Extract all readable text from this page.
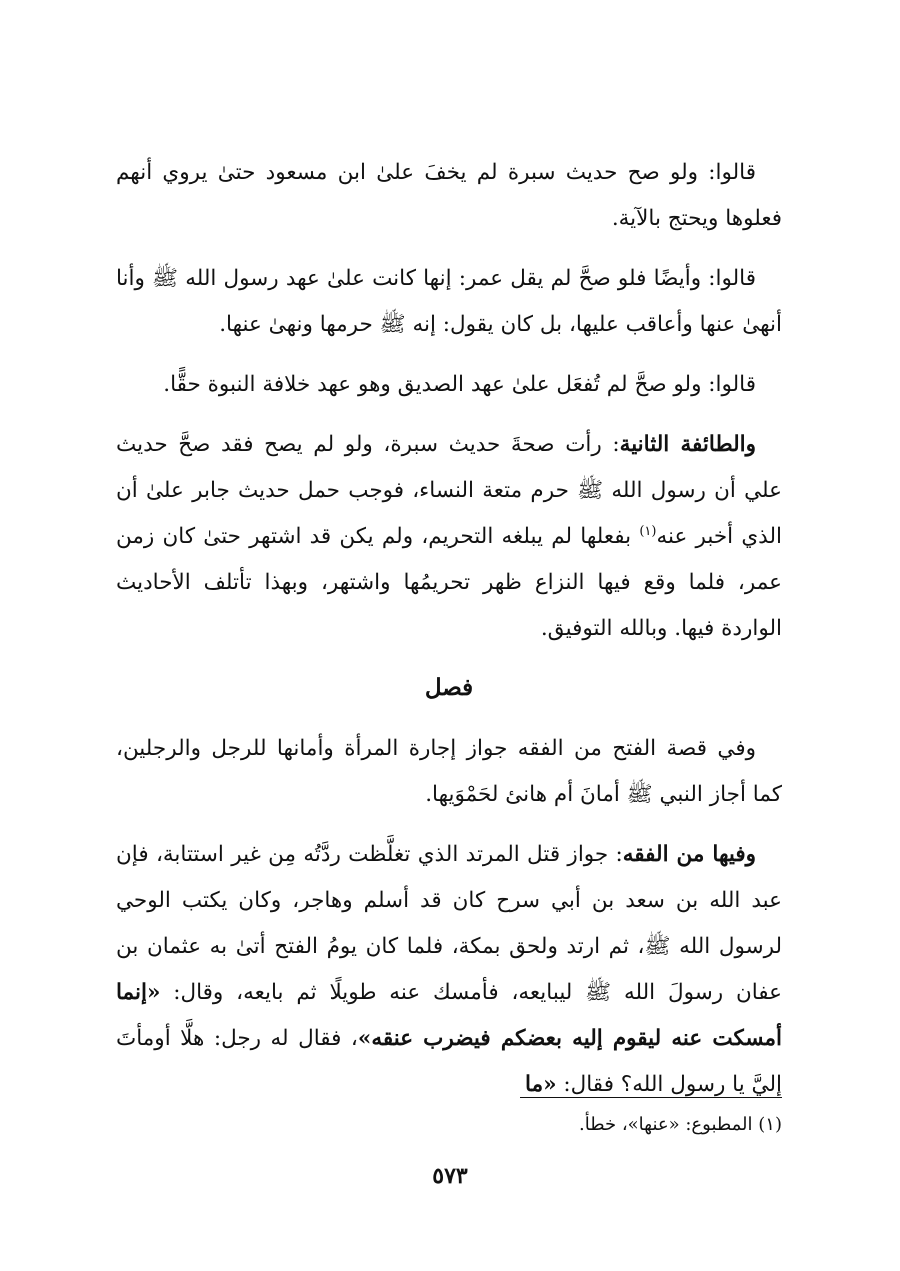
قالوا: ولو صح حديث سبرة لم يخفَ علىٰ ابن مسعود حتىٰ يروي أنهم فعلوها ويحتج بالآية.

قالوا: وأيضًا فلو صحَّ لم يقل عمر: إنها كانت علىٰ عهد رسول الله ﷺ وأنا أنهىٰ عنها وأعاقب عليها، بل كان يقول: إنه ﷺ حرمها ونهىٰ عنها.

قالوا: ولو صحَّ لم تُفعَل علىٰ عهد الصديق وهو عهد خلافة النبوة حقًّا.

والطائفة الثانية: رأت صحةَ حديث سبرة، ولو لم يصح فقد صحَّ حديث علي أن رسول الله ﷺ حرم متعة النساء، فوجب حمل حديث جابر علىٰ أن الذي أخبر عنه$^{(١)}$ بفعلها لم يبلغه التحريم، ولم يكن قد اشتهر حتىٰ كان زمن عمر، فلما وقع فيها النزاع ظهر تحريمُها واشتهر، وبهذا تأتلف الأحاديث الواردة فيها. وبالله التوفيق.

فصل

وفي قصة الفتح من الفقه جواز إجارة المرأة وأمانها للرجل والرجلين، كما أجاز النبي ﷺ أمانَ أم هانئ لحَمْوَيها.

وفيها من الفقه: جواز قتل المرتد الذي تغلَّظت ردَّتُه مِن غير استتابة، فإن عبد الله بن سعد بن أبي سرح كان قد أسلم وهاجر، وكان يكتب الوحي لرسول الله ﷺ، ثم ارتد ولحق بمكة، فلما كان يومُ الفتح أتىٰ به عثمان بن عفان رسولَ الله ﷺ ليبايعه، فأمسك عنه طويلًا ثم بايعه، وقال: «إنما أمسكت عنه ليقوم إليه بعضكم فيضرب عنقه»، فقال له رجل: هلَّا أومأتَ إليَّ يا رسول الله؟ فقال: «ما

(١) المطبوع: «عنها»، خطأ.
٥٧٣
